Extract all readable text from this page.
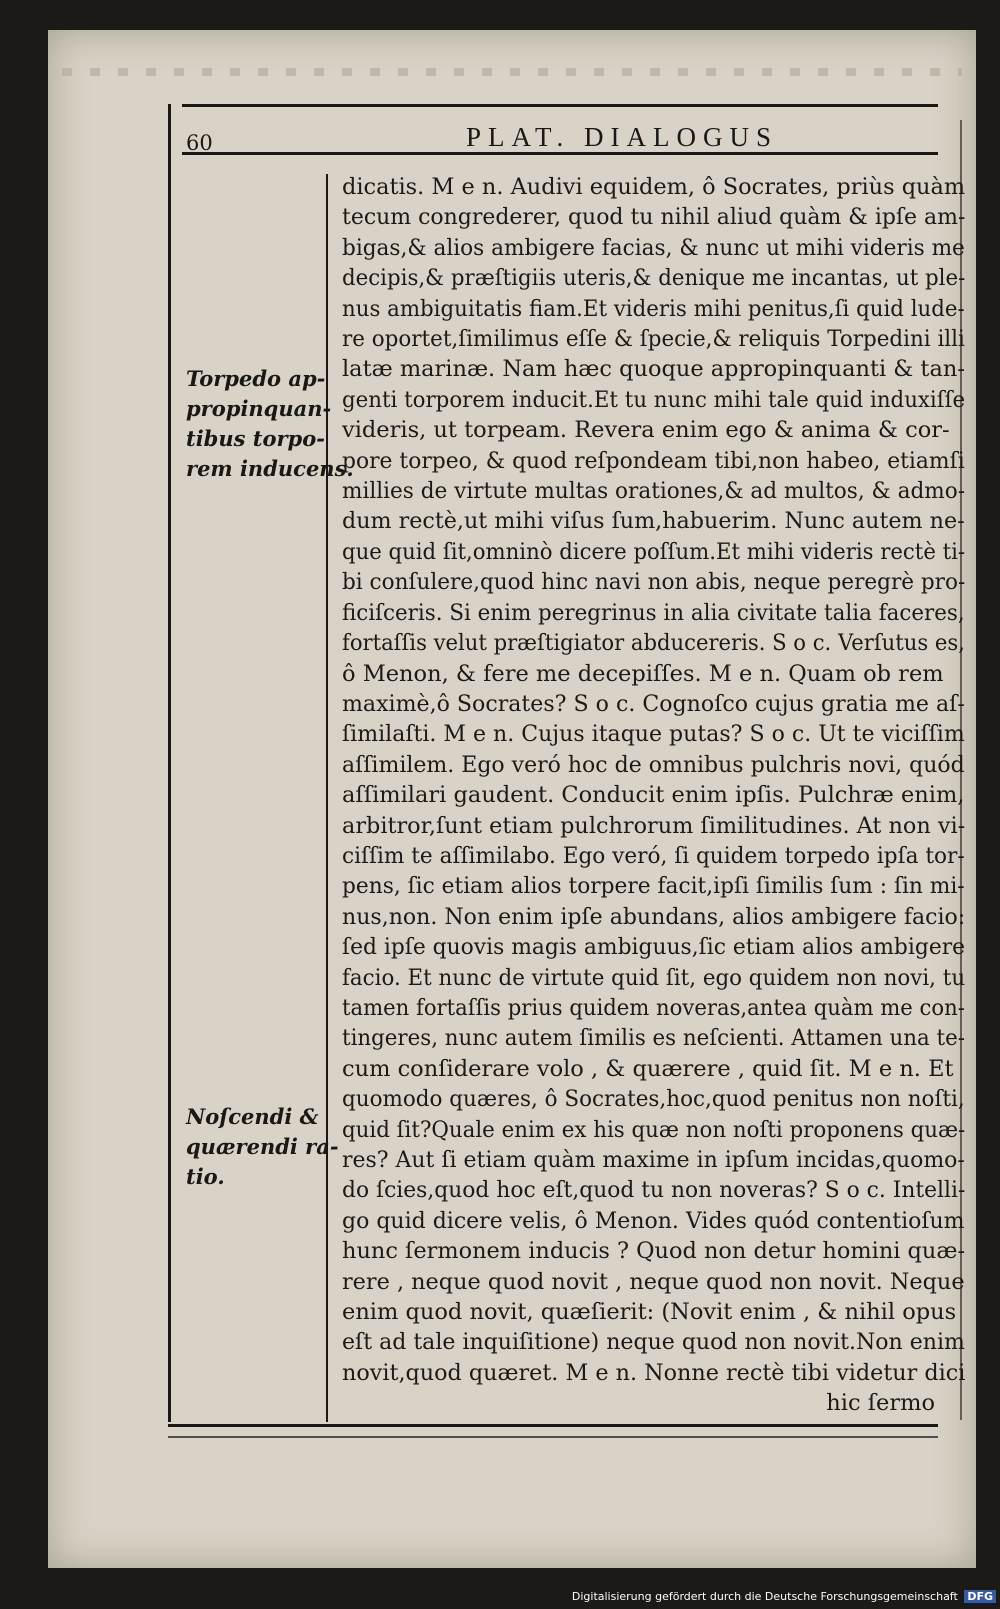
60	PLAT. DIALOGUS
Torpedo ap-
propinquan-
tibus torpo-
rem inducens.
Noſcendi &
quærendi ra-
tio.
dicatis. M e n. Audivi equidem, ô Socrates, priùs quàm
tecum congrederer, quod tu nihil aliud quàm & ipſe am-
bigas,& alios ambigere facias, & nunc ut mihi videris me
decipis,& præſtigiis uteris,& denique me incantas, ut ple-
nus ambiguitatis fiam.Et videris mihi penitus,ſi quid lude-
re oportet,ſimilimus eſſe & ſpecie,& reliquis Torpedini illi
latæ marinæ. Nam hæc quoque appropinquanti & tan-
genti torporem inducit.Et tu nunc mihi tale quid induxiſſe
videris, ut torpeam. Revera enim ego & anima & cor-
pore torpeo, & quod reſpondeam tibi,non habeo, etiamſi
millies de virtute multas orationes,& ad multos, & admo-
dum rectè,ut mihi viſus ſum,habuerim. Nunc autem ne-
que quid ſit,omninò dicere poſſum.Et mihi videris rectè ti-
bi conſulere,quod hinc navi non abis, neque peregrè pro-
ficiſceris. Si enim peregrinus in alia civitate talia faceres,
fortaſſis velut præſtigiator abducereris. S o c. Verſutus es,
ô Menon, & fere me decepiſſes. M e n. Quam ob rem
maximè,ô Socrates? S o c. Cognoſco cujus gratia me aſ-
ſimilaſti. M e n. Cujus itaque putas? S o c. Ut te viciſſim
aſſimilem. Ego veró hoc de omnibus pulchris novi, quód
aſſimilari gaudent. Conducit enim ipſis. Pulchræ enim,
arbitror,ſunt etiam pulchrorum ſimilitudines. At non vi-
ciſſim te aſſimilabo. Ego veró, ſi quidem torpedo ipſa tor-
pens, ſic etiam alios torpere facit,ipſi ſimilis ſum : ſin mi-
nus,non. Non enim ipſe abundans, alios ambigere facio:
ſed ipſe quovis magis ambiguus,ſic etiam alios ambigere
facio. Et nunc de virtute quid ſit, ego quidem non novi, tu
tamen fortaſſis prius quidem noveras,antea quàm me con-
tingeres, nunc autem ſimilis es neſcienti. Attamen una te-
cum conſiderare volo , & quærere , quid ſit. M e n. Et
quomodo quæres, ô Socrates,hoc,quod penitus non noſti,
quid ſit?Quale enim ex his quæ non noſti proponens quæ-
res? Aut ſi etiam quàm maxime in ipſum incidas,quomo-
do ſcies,quod hoc eſt,quod tu non noveras? S o c. Intelli-
go quid dicere velis, ô Menon. Vides quód contentioſum
hunc ſermonem inducis ? Quod non detur homini quæ-
rere , neque quod novit , neque quod non novit. Neque
enim quod novit, quæſierit: (Novit enim , & nihil opus
eſt ad tale inquiſitione) neque quod non novit.Non enim
novit,quod quæret. M e n. Nonne rectè tibi videtur dici
hic ſermo
Digitalisierung gefördert durch die Deutsche Forschungsgemeinschaft DFG
